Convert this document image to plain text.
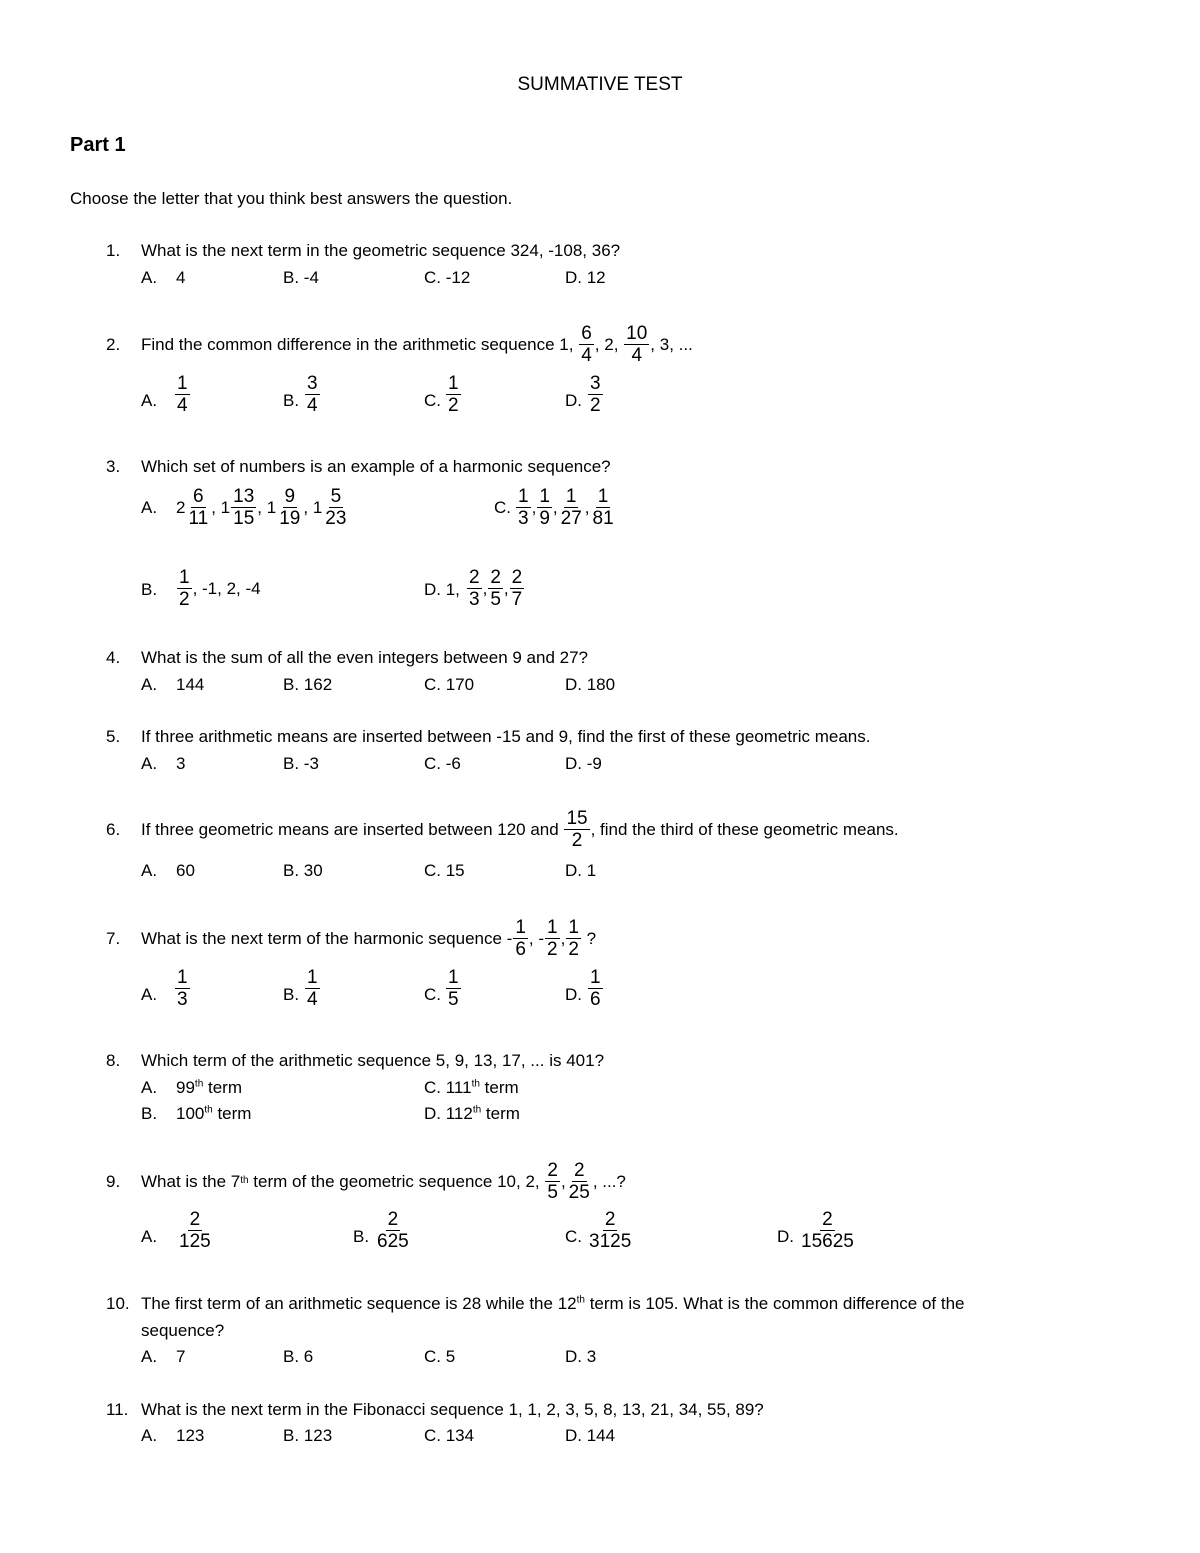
SUMMATIVE TEST
Part 1
Choose the letter that you think best answers the question.
1. What is the next term in the geometric sequence 324, -108, 36?
A. 4	B. -4	C. -12	D. 12
2. Find the common difference in the arithmetic sequence 1,
$\frac{6}{4}$ , 2,
$\frac{10}{4}$ , 3, ...
A. $\frac{1}{4}$	B. $\frac{3}{4}$	C. $\frac{1}{2}$	D. $\frac{3}{2}$
3. Which set of numbers is an example of a harmonic sequence?
A. $2 \frac{6}{11}$ ,
$1 \frac{13}{15}$ ,
$1 \frac{9}{19}$ ,
$1 \frac{5}{23}$	C. $\frac{1}{3}$ , $\frac{1}{9}$ , $\frac{1}{27}$ , $\frac{1}{81}$
B. $\frac{1}{2}$ , -1, 2, -4	D. 1, $\frac{2}{3}$ , $\frac{2}{5}$ , $\frac{2}{7}$
4. What is the sum of all the even integers between 9 and 27?
A. 144	B. 162	C. 170	D. 180
5. If three arithmetic means are inserted between -15 and 9, find the first of these geometric means.
A. 3	B. -3	C. -6	D. -9
6. If three geometric means are inserted between 120 and
$\frac{15}{2}$ , find the third of these geometric means.
A. 60	B. 30	C. 15	D. 1
7. What is the next term of the harmonic sequence - $\frac{1}{6}$ , - $\frac{1}{2}$ , $\frac{1}{2}$
?
A. $\frac{1}{3}$	B. $\frac{1}{4}$	C. $\frac{1}{5}$	D. $\frac{1}{6}$
8. Which term of the arithmetic sequence 5, 9, 13, 17, ... is 401?
A. 99th term	C. 111th term
B. 100th term	D. 112th term
9. What is the 7 th
term of the geometric sequence 10, 2,
$\frac{2}{5}$ , $\frac{2}{25}$ , ...?
A. $\frac{2}{125}$	B. $\frac{2}{625}$	C. $\frac{2}{3125}$	D. $\frac{2}{15625}$
10. The first term of an arithmetic sequence is 28 while the 12th term is 105. What is the common difference of the
sequence?
A. 7	B. 6	C. 5	D. 3
11. What is the next term in the Fibonacci sequence 1, 1, 2, 3, 5, 8, 13, 21, 34, 55, 89?
A. 123	B. 123	C. 134	D. 144
